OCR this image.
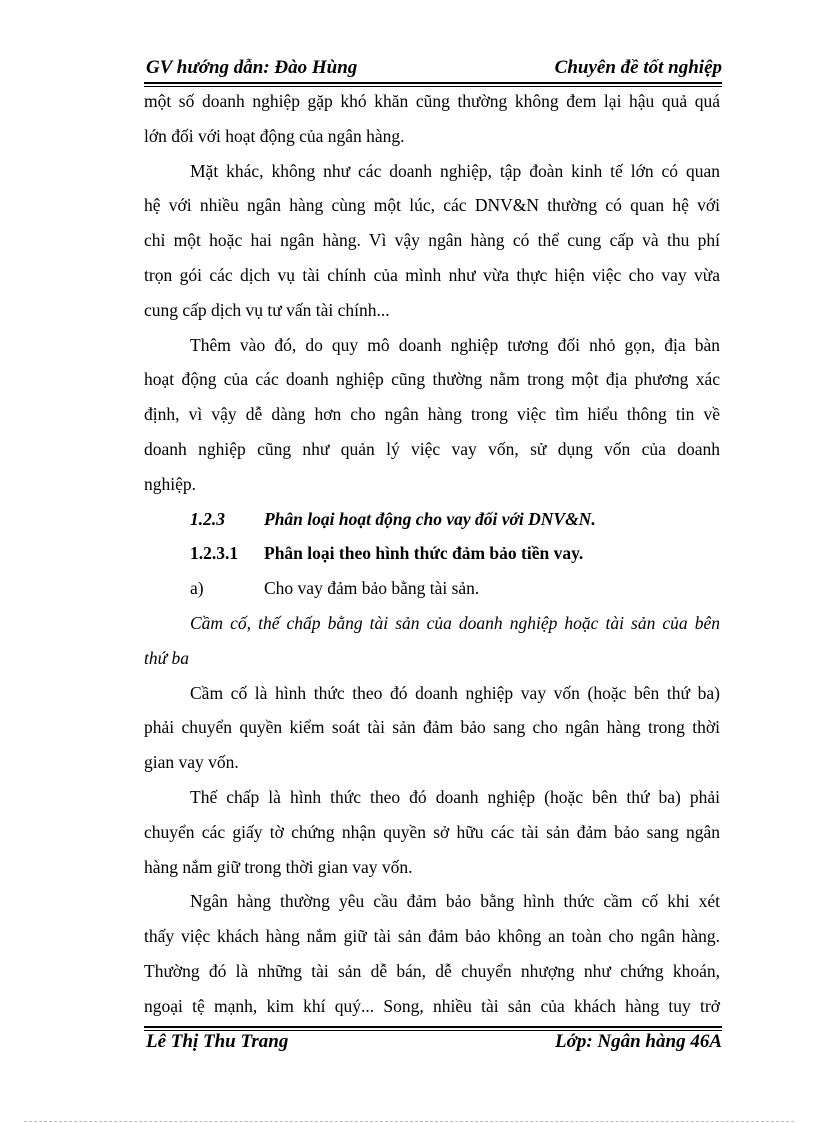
GV hướng dẫn: Đào Hùng	Chuyên đề tốt nghiệp
một số doanh nghiệp gặp khó khăn cũng thường không đem lại hậu quả quá
lớn đối với hoạt động của ngân hàng.
Mặt khác, không như các doanh nghiệp, tập đoàn kinh tế lớn có quan
hệ với nhiều ngân hàng cùng một lúc, các DNV&N thường có quan hệ với
chỉ một hoặc hai ngân hàng. Vì vậy ngân hàng có thể cung cấp và thu phí
trọn gói các dịch vụ tài chính của mình như vừa thực hiện việc cho vay vừa
cung cấp dịch vụ tư vấn tài chính...
Thêm vào đó, do quy mô doanh nghiệp tương đối nhỏ gọn, địa bàn
hoạt động của các doanh nghiệp cũng thường nằm trong một địa phương xác
định, vì vậy dễ dàng hơn cho ngân hàng trong việc tìm hiểu thông tin về
doanh nghiệp cũng như quản lý việc vay vốn, sử dụng vốn của doanh
nghiệp.
1.2.3 Phân loại hoạt động cho vay đối với DNV&N.
1.2.3.1 Phân loại theo hình thức đảm bảo tiền vay.
a)	Cho vay đảm bảo bằng tài sản.
Cầm cố, thế chấp bằng tài sản của doanh nghiệp hoặc tài sản của bên
thứ ba
Cầm cố là hình thức theo đó doanh nghiệp vay vốn (hoặc bên thứ ba)
phải chuyển quyền kiểm soát tài sản đảm bảo sang cho ngân hàng trong thời
gian vay vốn.
Thế chấp là hình thức theo đó doanh nghiệp (hoặc bên thứ ba) phải
chuyển các giấy tờ chứng nhận quyền sở hữu các tài sản đảm bảo sang ngân
hàng nắm giữ trong thời gian vay vốn.
Ngân hàng thường yêu cầu đảm bảo bằng hình thức cầm cố khi xét
thấy việc khách hàng nắm giữ tài sản đảm bảo không an toàn cho ngân hàng.
Thường đó là những tài sản dễ bán, dễ chuyển nhượng như chứng khoán,
ngoại tệ mạnh, kim khí quý... Song, nhiều tài sản của khách hàng tuy trở
Lê Thị Thu Trang	Lớp: Ngân hàng 46A
